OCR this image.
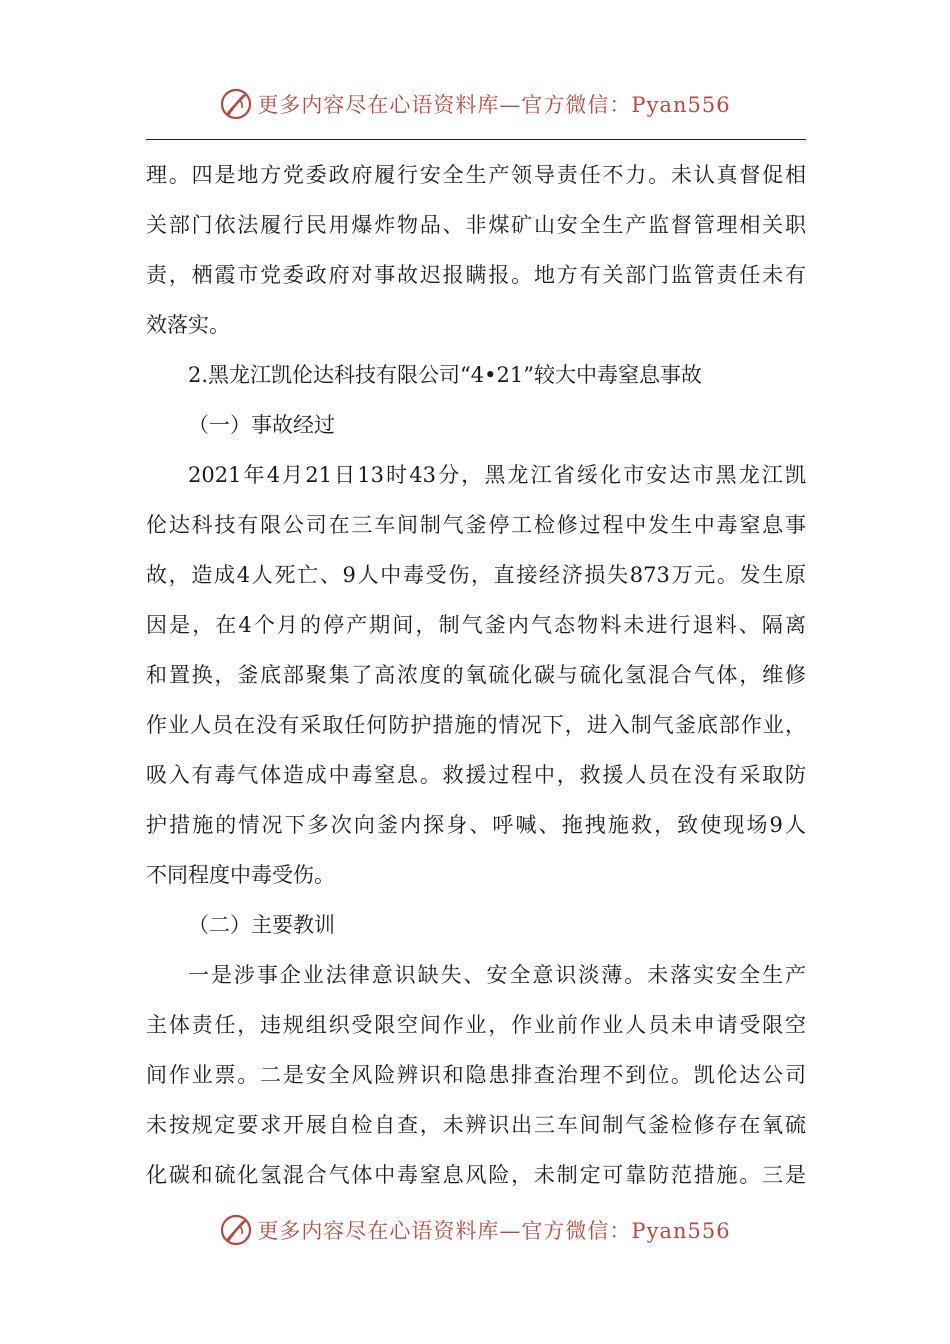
更多内容尽在心语资料库—官方微信：Pyan556
理。四是地方党委政府履行安全生产领导责任不力。未认真督促相
关部门依法履行民用爆炸物品、非煤矿山安全生产监督管理相关职
责，栖霞市党委政府对事故迟报瞒报。地方有关部门监管责任未有
效落实。
2.黑龙江凯伦达科技有限公司“4•21”较大中毒窒息事故
（一）事故经过
2021年4月21日13时43分，黑龙江省绥化市安达市黑龙江凯
伦达科技有限公司在三车间制气釜停工检修过程中发生中毒窒息事
故，造成4人死亡、9人中毒受伤，直接经济损失873万元。发生原
因是，在4个月的停产期间，制气釜内气态物料未进行退料、隔离
和置换，釜底部聚集了高浓度的氧硫化碳与硫化氢混合气体，维修
作业人员在没有采取任何防护措施的情况下，进入制气釜底部作业，
吸入有毒气体造成中毒窒息。救援过程中，救援人员在没有采取防
护措施的情况下多次向釜内探身、呼喊、拖拽施救，致使现场9人
不同程度中毒受伤。
（二）主要教训
一是涉事企业法律意识缺失、安全意识淡薄。未落实安全生产
主体责任，违规组织受限空间作业，作业前作业人员未申请受限空
间作业票。二是安全风险辨识和隐患排查治理不到位。凯伦达公司
未按规定要求开展自检自查，未辨识出三车间制气釜检修存在氧硫
化碳和硫化氢混合气体中毒窒息风险，未制定可靠防范措施。三是
更多内容尽在心语资料库—官方微信：Pyan556
